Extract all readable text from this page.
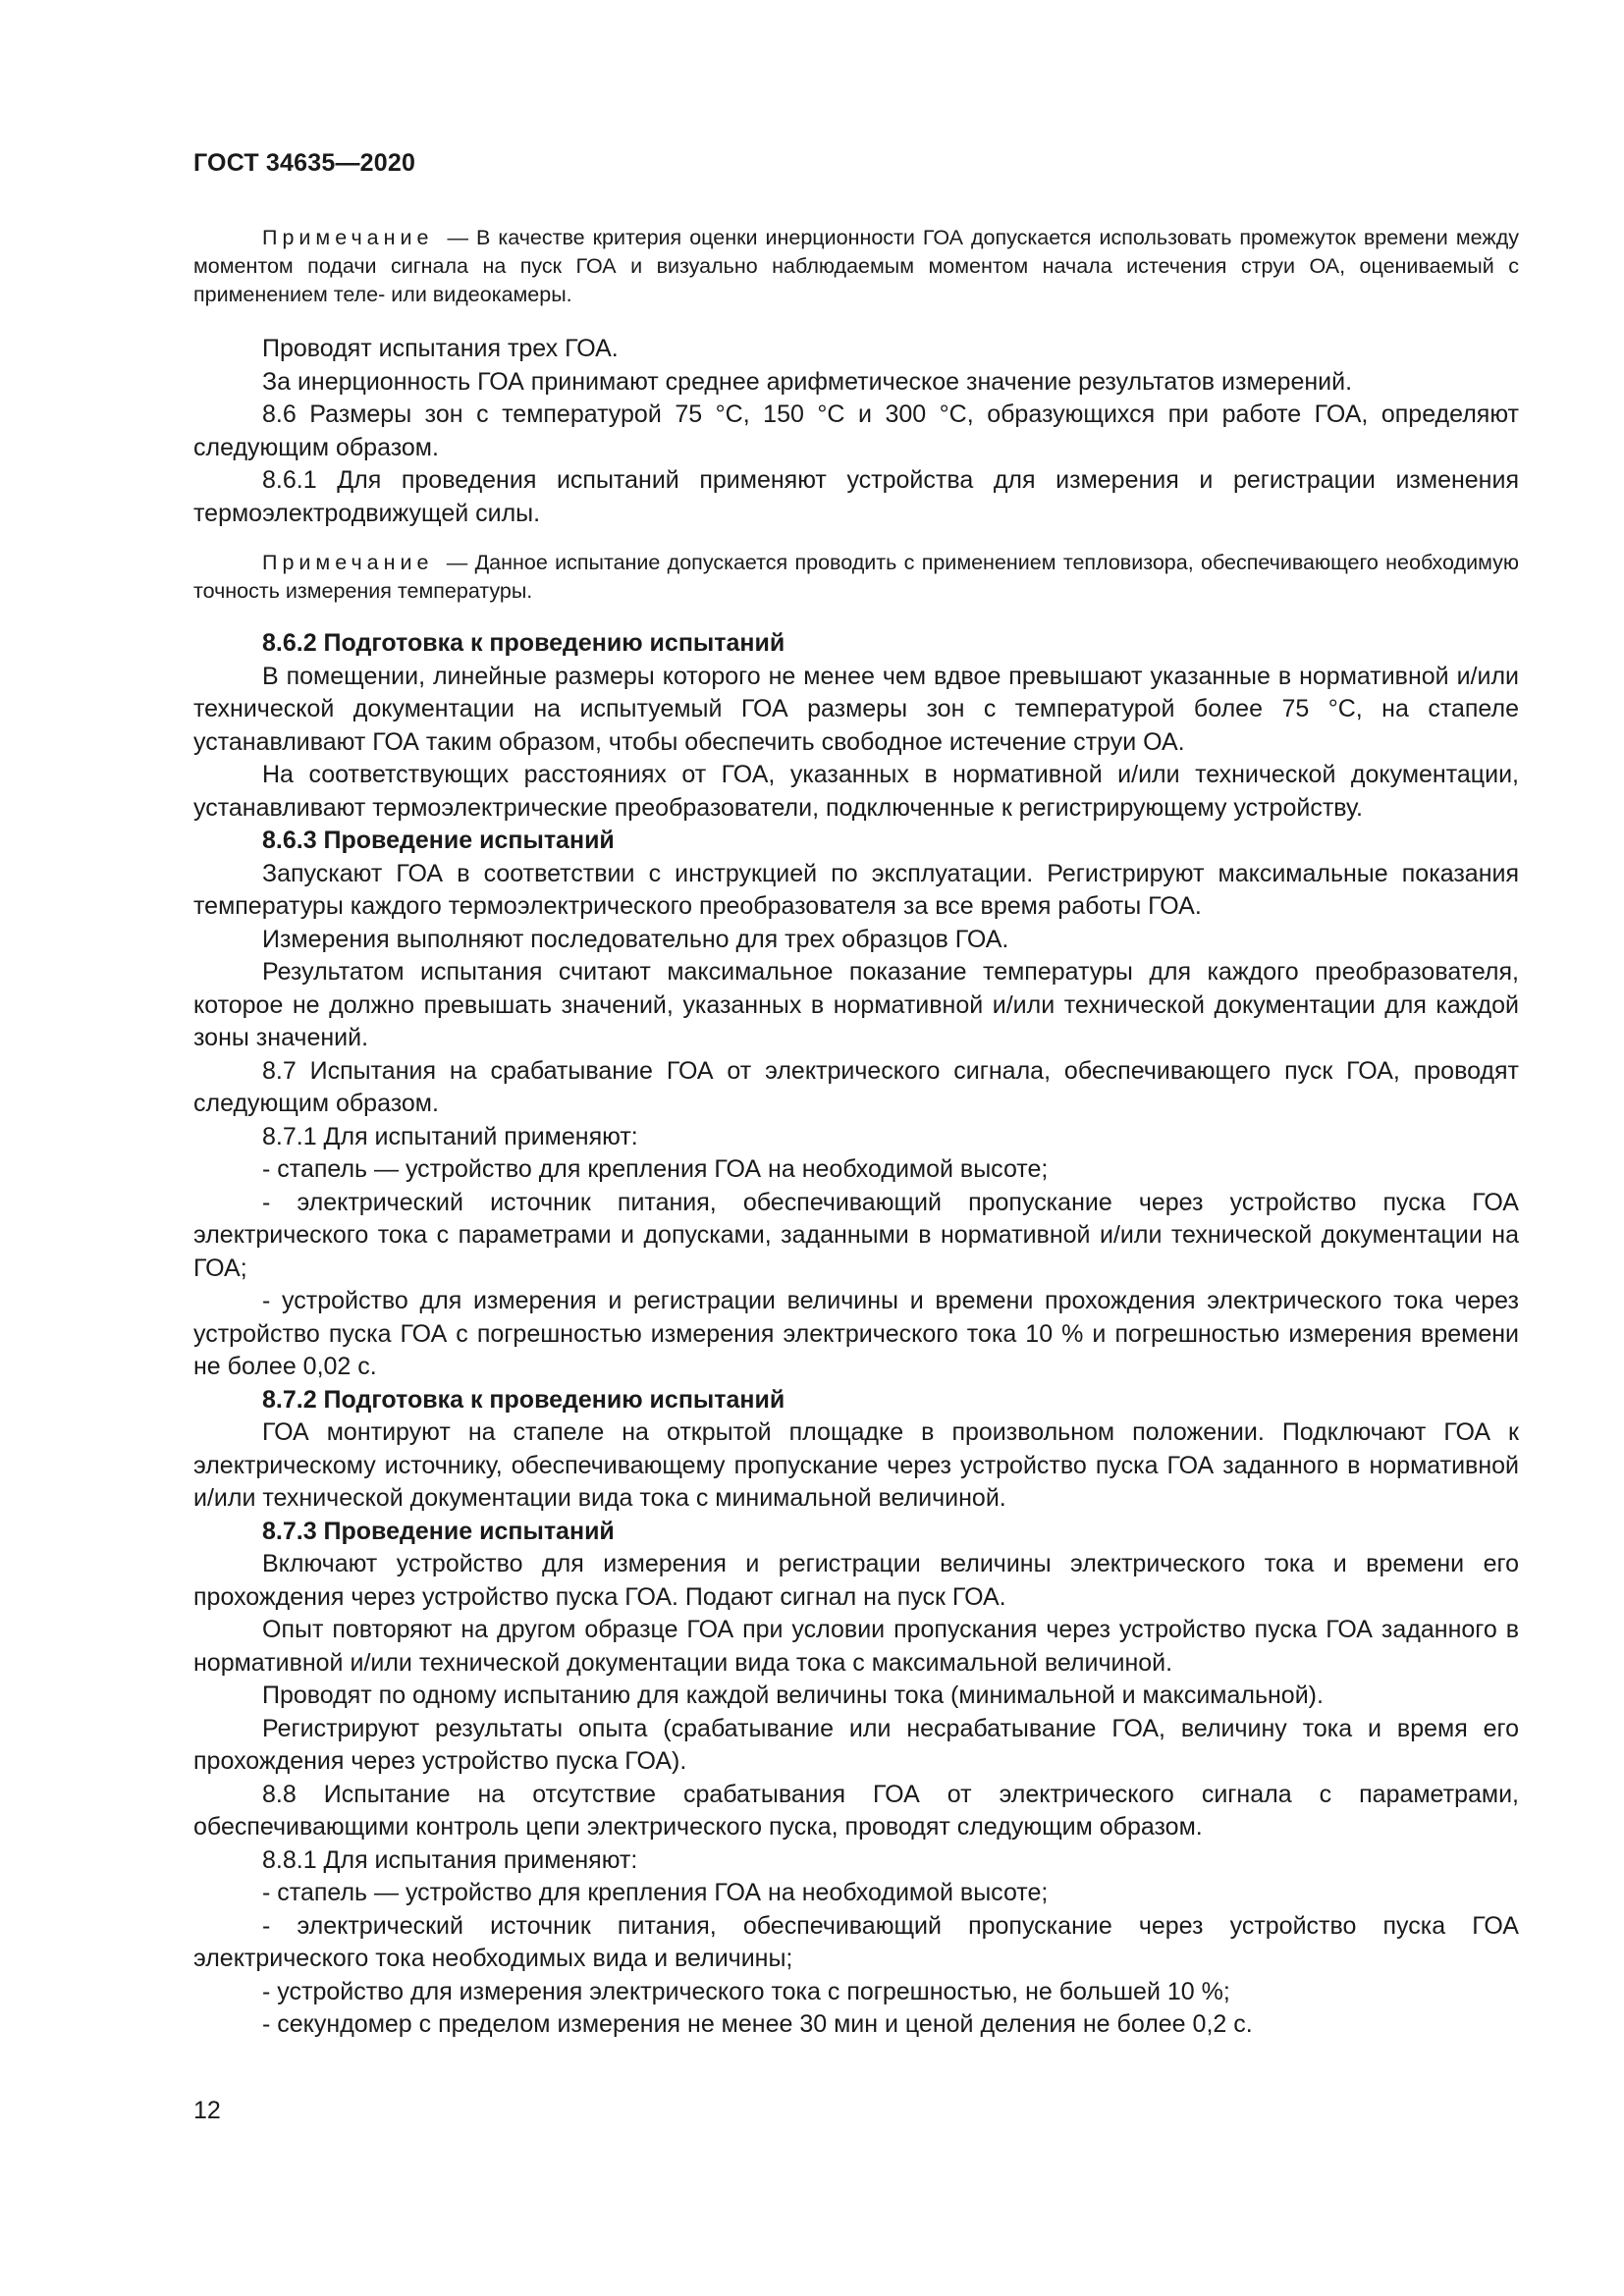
ГОСТ 34635—2020

Примечание — В качестве критерия оценки инерционности ГОА допускается использовать промежуток времени между моментом подачи сигнала на пуск ГОА и визуально наблюдаемым моментом начала истечения струи ОА, оцениваемый с применением теле- или видеокамеры.

Проводят испытания трех ГОА.

За инерционность ГОА принимают среднее арифметическое значение результатов измерений.

8.6 Размеры зон с температурой 75 °С, 150 °С и 300 °С, образующихся при работе ГОА, определяют следующим образом.

8.6.1 Для проведения испытаний применяют устройства для измерения и регистрации изменения термоэлектродвижущей силы.

Примечание — Данное испытание допускается проводить с применением тепловизора, обеспечивающего необходимую точность измерения температуры.

8.6.2 Подготовка к проведению испытаний

В помещении, линейные размеры которого не менее чем вдвое превышают указанные в нормативной и/или технической документации на испытуемый ГОА размеры зон с температурой более 75 °С, на стапеле устанавливают ГОА таким образом, чтобы обеспечить свободное истечение струи ОА.

На соответствующих расстояниях от ГОА, указанных в нормативной и/или технической документации, устанавливают термоэлектрические преобразователи, подключенные к регистрирующему устройству.

8.6.3 Проведение испытаний

Запускают ГОА в соответствии с инструкцией по эксплуатации. Регистрируют максимальные показания температуры каждого термоэлектрического преобразователя за все время работы ГОА.

Измерения выполняют последовательно для трех образцов ГОА.

Результатом испытания считают максимальное показание температуры для каждого преобразователя, которое не должно превышать значений, указанных в нормативной и/или технической документации для каждой зоны значений.

8.7 Испытания на срабатывание ГОА от электрического сигнала, обеспечивающего пуск ГОА, проводят следующим образом.

8.7.1 Для испытаний применяют:

- стапель — устройство для крепления ГОА на необходимой высоте;

- электрический источник питания, обеспечивающий пропускание через устройство пуска ГОА электрического тока с параметрами и допусками, заданными в нормативной и/или технической документации на ГОА;

- устройство для измерения и регистрации величины и времени прохождения электрического тока через устройство пуска ГОА с погрешностью измерения электрического тока 10 % и погрешностью измерения времени не более 0,02 с.

8.7.2 Подготовка к проведению испытаний

ГОА монтируют на стапеле на открытой площадке в произвольном положении. Подключают ГОА к электрическому источнику, обеспечивающему пропускание через устройство пуска ГОА заданного в нормативной и/или технической документации вида тока с минимальной величиной.

8.7.3 Проведение испытаний

Включают устройство для измерения и регистрации величины электрического тока и времени его прохождения через устройство пуска ГОА. Подают сигнал на пуск ГОА.

Опыт повторяют на другом образце ГОА при условии пропускания через устройство пуска ГОА заданного в нормативной и/или технической документации вида тока с максимальной величиной.

Проводят по одному испытанию для каждой величины тока (минимальной и максимальной).

Регистрируют результаты опыта (срабатывание или несрабатывание ГОА, величину тока и время его прохождения через устройство пуска ГОА).

8.8 Испытание на отсутствие срабатывания ГОА от электрического сигнала с параметрами, обеспечивающими контроль цепи электрического пуска, проводят следующим образом.

8.8.1 Для испытания применяют:

- стапель — устройство для крепления ГОА на необходимой высоте;

- электрический источник питания, обеспечивающий пропускание через устройство пуска ГОА электрического тока необходимых вида и величины;

- устройство для измерения электрического тока с погрешностью, не большей 10 %;

- секундомер с пределом измерения не менее 30 мин и ценой деления не более 0,2 с.

12
